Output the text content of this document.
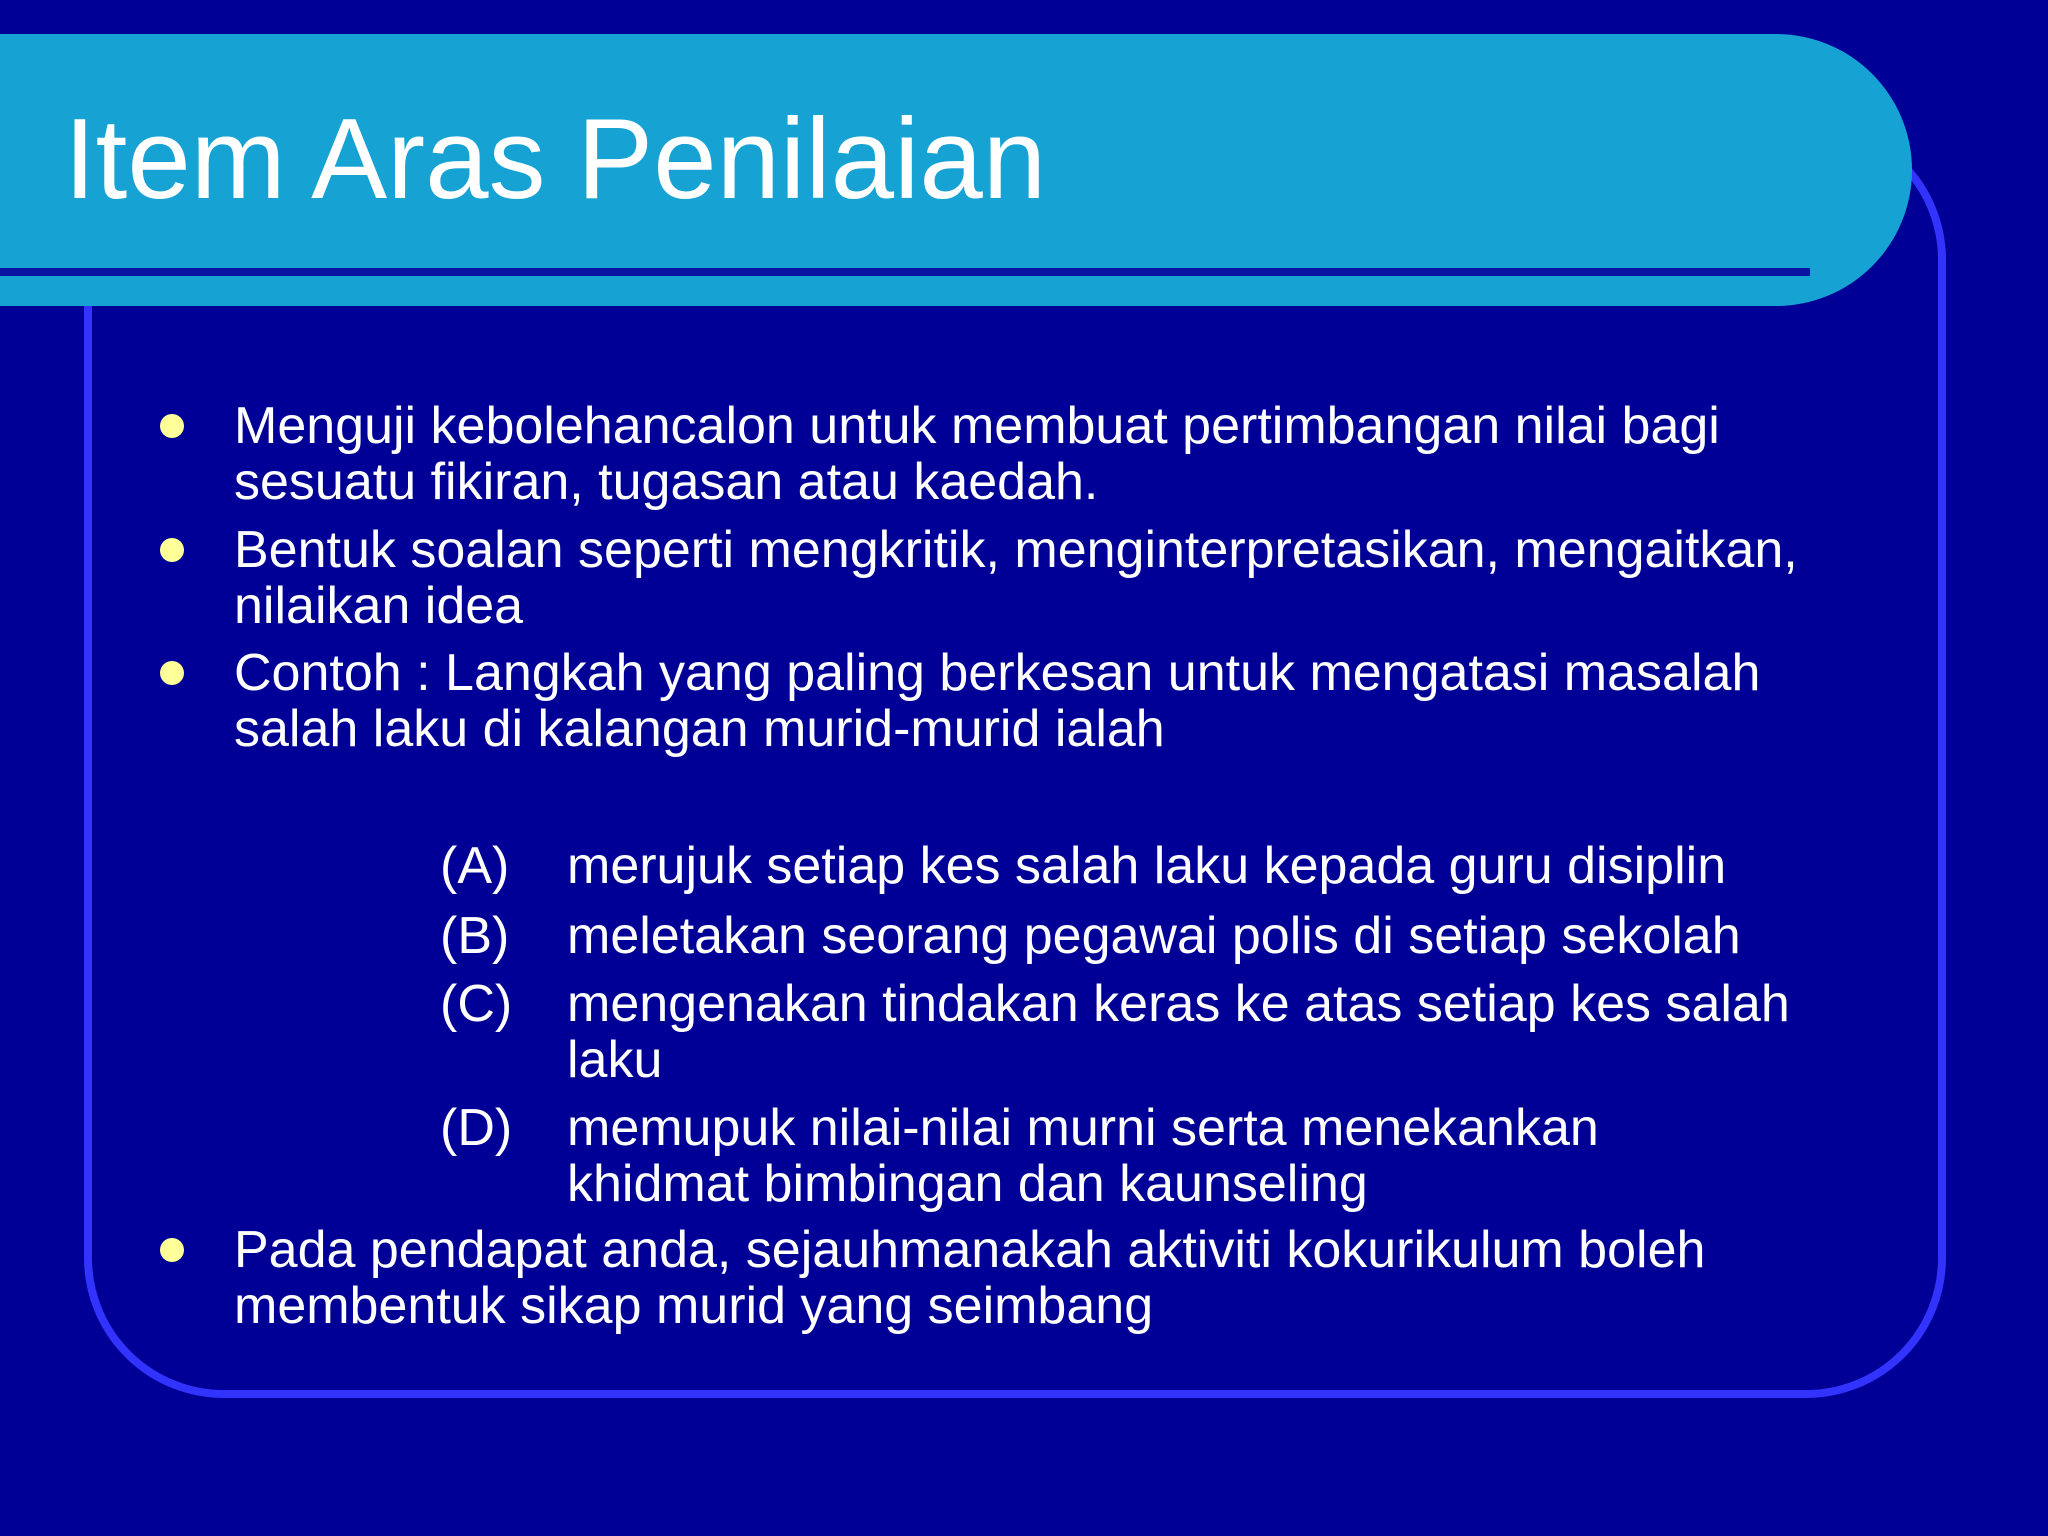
Item Aras Penilaian
Menguji kebolehancalon untuk membuat pertimbangan nilai bagi sesuatu fikiran, tugasan atau kaedah.
Bentuk soalan seperti mengkritik, menginterpretasikan, mengaitkan, nilaikan idea
Contoh : Langkah yang paling berkesan untuk mengatasi masalah salah laku di kalangan murid-murid ialah
(A) merujuk setiap kes salah laku kepada guru disiplin
(B) meletakan seorang pegawai polis di setiap sekolah
(C) mengenakan tindakan keras ke atas setiap kes salah laku
(D) memupuk nilai-nilai murni serta menekankan khidmat bimbingan dan kaunseling
Pada pendapat anda, sejauhmanakah aktiviti kokurikulum boleh membentuk sikap murid yang seimbang
